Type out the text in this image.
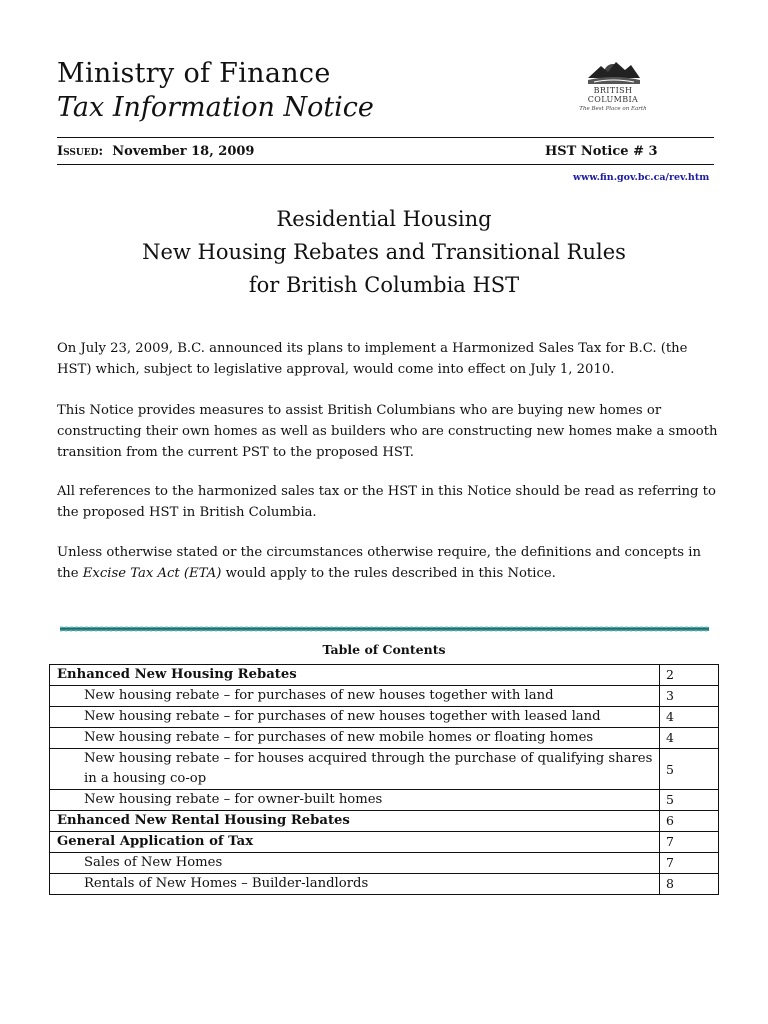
Ministry of Finance
Tax Information Notice
BRITISH
COLUMBIA
The Best Place on Earth
Issued: November 18, 2009	HST Notice # 3
www.fin.gov.bc.ca/rev.htm
Residential Housing
New Housing Rebates and Transitional Rules
for British Columbia HST
On July 23, 2009, B.C. announced its plans to implement a Harmonized Sales Tax for B.C. (the HST) which, subject to legislative approval, would come into effect on July 1, 2010.
This Notice provides measures to assist British Columbians who are buying new homes or constructing their own homes as well as builders who are constructing new homes make a smooth transition from the current PST to the proposed HST.
All references to the harmonized sales tax or the HST in this Notice should be read as referring to the proposed HST in British Columbia.
Unless otherwise stated or the circumstances otherwise require, the definitions and concepts in the Excise Tax Act (ETA) would apply to the rules described in this Notice.
Table of Contents
Enhanced New Housing Rebates	2
New housing rebate – for purchases of new houses together with land	3
New housing rebate – for purchases of new houses together with leased land	4
New housing rebate – for purchases of new mobile homes or floating homes	4

New housing rebate – for houses acquired through the purchase of qualifying shares
in a housing co-op	5
New housing rebate – for owner-built homes	5
Enhanced New Rental Housing Rebates	6
General Application of Tax	7
Sales of New Homes	7
Rentals of New Homes – Builder-landlords	8
